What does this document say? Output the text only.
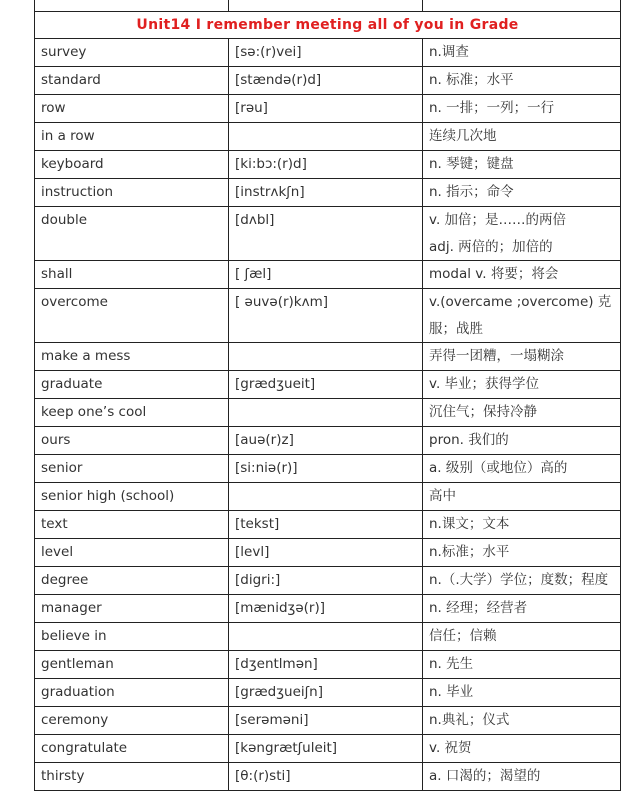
Unit14 I remember meeting all of you in Grade		
survey	[sə:(r)vei]	n.调查
standard	[stændə(r)d]	n. 标准；水平
row	[rəu]	n. 一排；一列；一行
in a row		连续几次地
keyboard	[ki:bɔ:(r)d]	n. 琴键；键盘
instruction	[instrʌkʃn]	n. 指示；命令
double	[dʌbl]	v. 加倍；是……的两倍　　adj. 两倍的；加倍的
shall	[ ʃæl]	modal v. 将要；将会
overcome	[ əuvə(r)kʌm]	v.(overcame ;overcome) 克服；战胜
make a mess		弄得一团糟，一塌糊涂
graduate	[grædʒueit]	v. 毕业；获得学位
keep one’s cool		沉住气；保持冷静
ours	[auə(r)z]	pron. 我们的
senior	[si:niə(r)]	a. 级别（或地位）高的
senior high (school)		高中
text	[tekst]	n.课文；文本
level	[levl]	n.标准；水平
degree	[digri:]	n.（.大学）学位；度数；程度
manager	[mænidʒə(r)]	n. 经理；经营者
believe in		信任；信赖
gentleman	[dʒentlmən]	n. 先生
graduation	[grædʒueiʃn]	n. 毕业
ceremony	[serəməni]	n.典礼；仪式
congratulate	[kəngrætʃuleit]	v. 祝贺
thirsty	[θ:(r)sti]	a. 口渴的；渴望的
